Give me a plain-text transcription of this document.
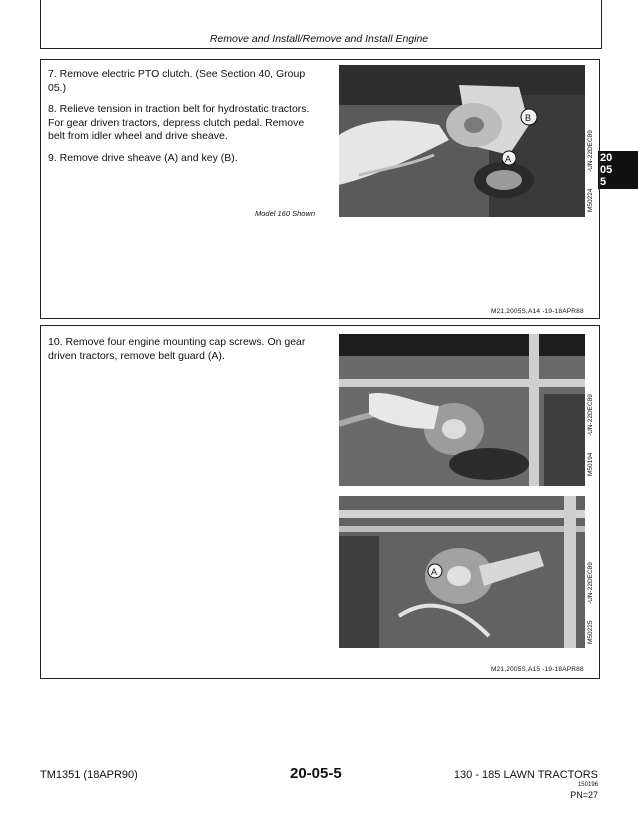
Remove and Install/Remove and Install Engine
20
05
5

7. Remove electric PTO clutch. (See Section 40, Group 05.)

8. Relieve tension in traction belt for hydrostatic tractors. For gear driven tractors, depress clutch pedal. Remove belt from idler wheel and drive sheave.

9. Remove drive sheave (A) and key (B).

Model 160 Shown
B
A
M50224
-UN-22DEC89
M21,2005S,A14 -19-18APR88

10. Remove four engine mounting cap screws. On gear driven tractors, remove belt guard (A).

M50194
-UN-22DEC89
A
M50225
-UN-22DEC89
M21,2005S,A15 -19-18APR88
TM1351 (18APR90)	20-05-5	130 - 185 LAWN TRACTORS
150196
PN=27
